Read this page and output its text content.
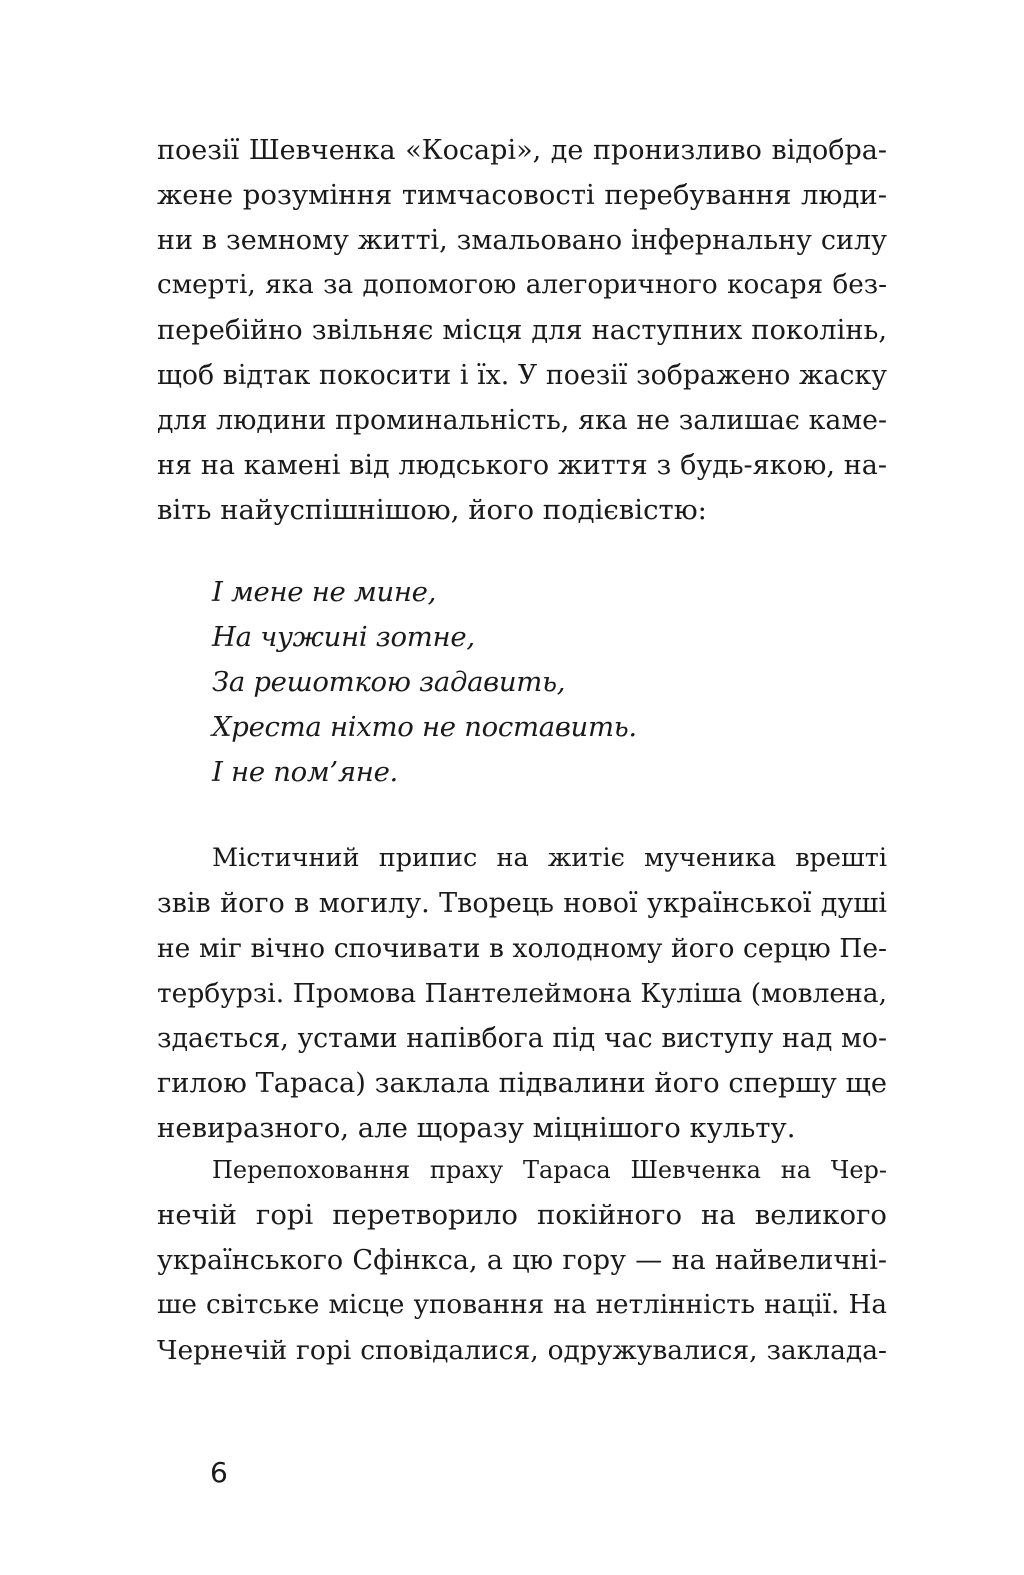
поезії Шевченка «Косарі», де пронизливо відобра-
жене розуміння тимчасовості перебування люди-
ни в земному житті, змальовано інфернальну силу
смерті, яка за допомогою алегоричного косаря без-
перебійно звільняє місця для наступних поколінь,
щоб відтак покосити і їх. У поезії зображено жаску
для людини проминальність, яка не залишає каме-
ня на камені від людського життя з будь-якою, на-
віть найуспішнішою, його подієвістю:
І мене не мине,
На чужині зотне,
За решоткою задавить,
Хреста ніхто не поставить.
І не пом’яне.
Містичний припис на житіє мученика врешті
звів його в могилу. Творець нової української душі
не міг вічно спочивати в холодному його серцю Пе-
тербурзі. Промова Пантелеймона Куліша (мовлена,
здається, устами напівбога під час виступу над мо-
гилою Тараса) заклала підвалини його спершу ще
невиразного, але щоразу міцнішого культу.
Перепоховання праху Тараса Шевченка на Чер-
нечій горі перетворило покійного на великого
українського Сфінкса, а цю гору — на найвеличні-
ше світське місце уповання на нетлінність нації. На
Чернечій горі сповідалися, одружувалися, заклада-
6
